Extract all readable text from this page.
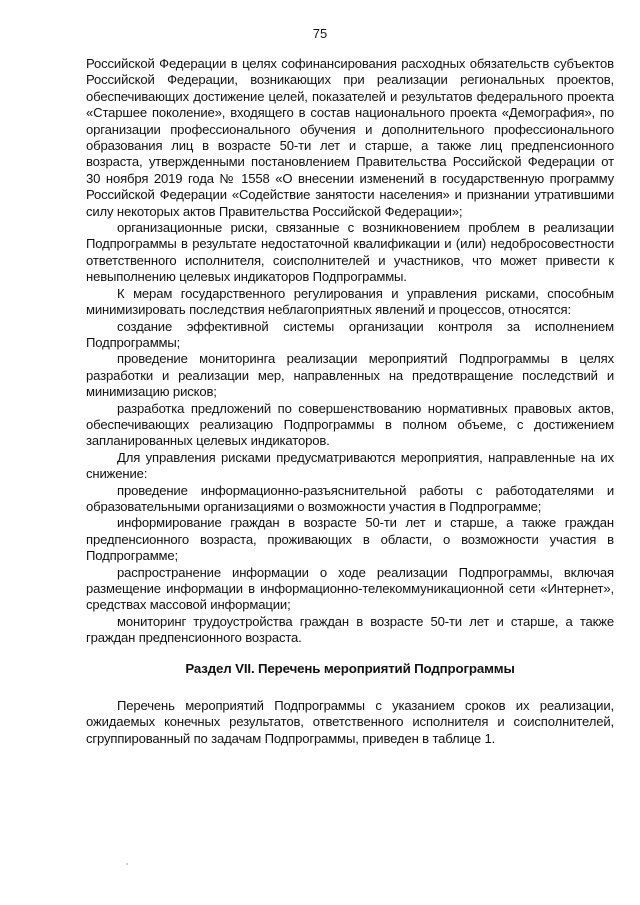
75

Российской Федерации в целях софинансирования расходных обязательств субъектов Российской Федерации, возникающих при реализации региональных проектов, обеспечивающих достижение целей, показателей и результатов федерального проекта «Старшее поколение», входящего в состав национального проекта «Демография», по организации профессионального обучения и дополнительного профессионального образования лиц в возрасте 50-ти лет и старше, а также лиц предпенсионного возраста, утвержденными постановлением Правительства Российской Федерации от 30 ноября 2019 года № 1558 «О внесении изменений в государственную программу Российской Федерации «Содействие занятости населения» и признании утратившими силу некоторых актов Правительства Российской Федерации»;

организационные риски, связанные с возникновением проблем в реализации Подпрограммы в результате недостаточной квалификации и (или) недобросовестности ответственного исполнителя, соисполнителей и участников, что может привести к невыполнению целевых индикаторов Подпрограммы.

К мерам государственного регулирования и управления рисками, способным минимизировать последствия неблагоприятных явлений и процессов, относятся:

создание эффективной системы организации контроля за исполнением Подпрограммы;

проведение мониторинга реализации мероприятий Подпрограммы в целях разработки и реализации мер, направленных на предотвращение последствий и минимизацию рисков;

разработка предложений по совершенствованию нормативных правовых актов, обеспечивающих реализацию Подпрограммы в полном объеме, с достижением запланированных целевых индикаторов.

Для управления рисками предусматриваются мероприятия, направленные на их снижение:

проведение информационно-разъяснительной работы с работодателями и образовательными организациями о возможности участия в Подпрограмме;

информирование граждан в возрасте 50-ти лет и старше, а также граждан предпенсионного возраста, проживающих в области, о возможности участия в Подпрограмме;

распространение информации о ходе реализации Подпрограммы, включая размещение информации в информационно-телекоммуникационной сети «Интернет», средствах массовой информации;

мониторинг трудоустройства граждан в возрасте 50-ти лет и старше, а также граждан предпенсионного возраста.

Раздел VII. Перечень мероприятий Подпрограммы

Перечень мероприятий Подпрограммы с указанием сроков их реализации, ожидаемых конечных результатов, ответственного исполнителя и соисполнителей, сгруппированный по задачам Подпрограммы, приведен в таблице 1.
